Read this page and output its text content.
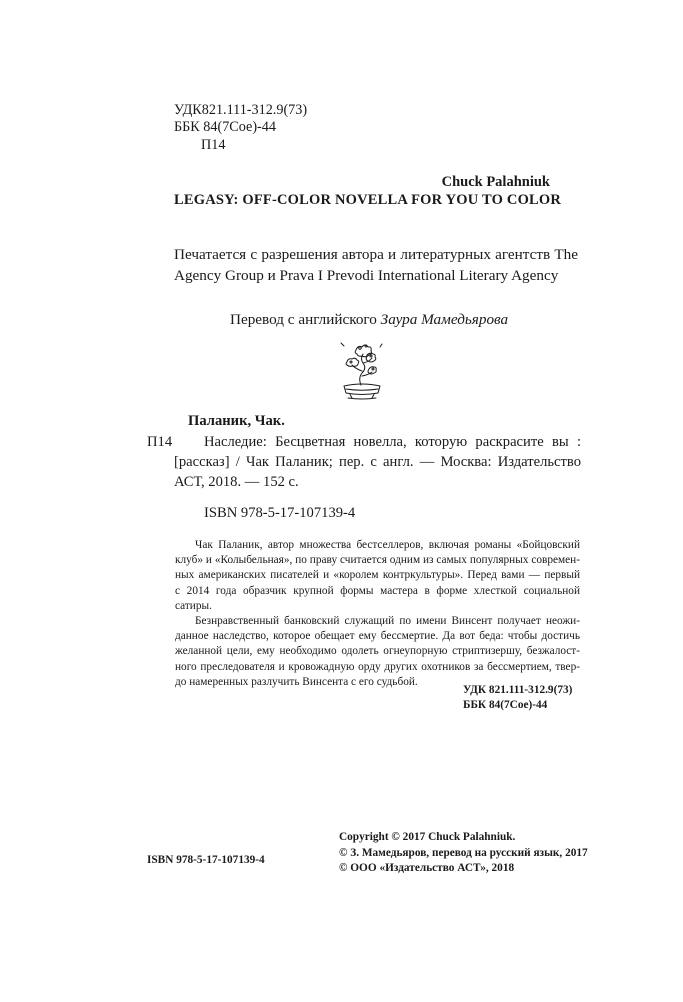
УДК821.111-312.9(73)
ББК 84(7Сое)-44
П14
Chuck Palahniuk
LEGASY: OFF-COLOR NOVELLA FOR YOU TO COLOR
Печатается с разрешения автора и литературных агентств The
Agency Group и Prava I Prevodi International Literary Agency
Перевод с английского Заура Мамедьярова
Паланик, Чак.
П14	Наследие: Бесцветная новелла, которую раскрасите вы :
[рассказ] / Чак Паланик; пер. с англ. — Москва: Издательство
АСТ, 2018. — 152 с.
ISBN 978-5-17-107139-4

Чак Паланик, автор множества бестселлеров, включая романы «Бойцовский
клуб» и «Колыбельная», по праву считается одним из самых популярных современ-
ных американских писателей и «королем контркультуры». Перед вами — первый
с 2014 года образчик крупной формы мастера в форме хлесткой социальной
сатиры.

Безнравственный банковский служащий по имени Винсент получает неожи-
данное наследство, которое обещает ему бессмертие. Да вот беда: чтобы достичь
желанной цели, ему необходимо одолеть огнеупорную стриптизершу, безжалост-
ного преследователя и кровожадную орду других охотников за бессмертием, твер-
до намеренных разлучить Винсента с его судьбой.

УДК 821.111-312.9(73)
ББК 84(7Сое)-44
ISBN 978-5-17-107139-4
Copyright © 2017 Chuck Palahniuk.
© З. Мамедьяров, перевод на русский язык, 2017
© ООО «Издательство АСТ», 2018
